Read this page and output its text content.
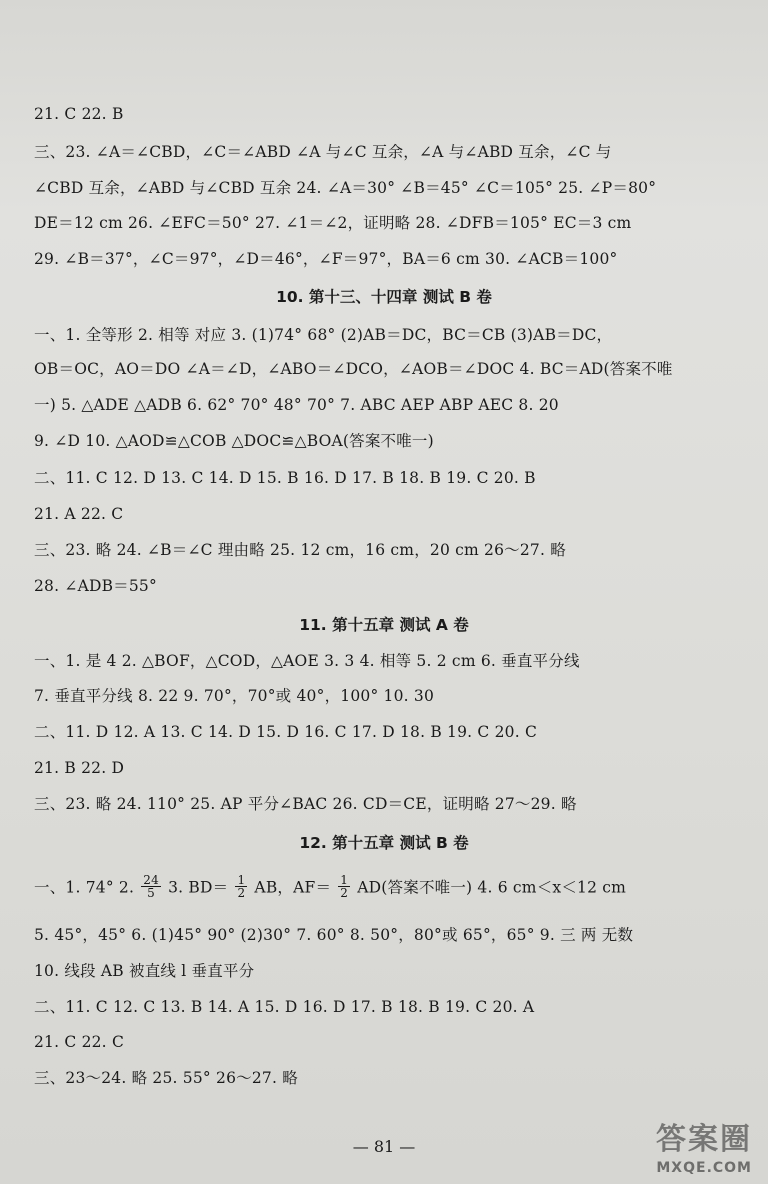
21. C 22. B
三、23. ∠A＝∠CBD，∠C＝∠ABD ∠A 与∠C 互余，∠A 与∠ABD 互余，∠C 与
∠CBD 互余，∠ABD 与∠CBD 互余 24. ∠A＝30° ∠B＝45° ∠C＝105° 25. ∠P＝80°
DE＝12 cm 26. ∠EFC＝50° 27. ∠1＝∠2，证明略 28. ∠DFB＝105° EC＝3 cm
29. ∠B＝37°，∠C＝97°，∠D＝46°，∠F＝97°，BA＝6 cm 30. ∠ACB＝100°
10. 第十三、十四章 测试 B 卷
一、1. 全等形 2. 相等 对应 3. (1)74° 68° (2)AB＝DC，BC＝CB (3)AB＝DC，
OB＝OC，AO＝DO ∠A＝∠D，∠ABO＝∠DCO，∠AOB＝∠DOC 4. BC＝AD(答案不唯
一) 5. △ADE △ADB 6. 62° 70° 48° 70° 7. ABC AEP ABP AEC 8. 20
9. ∠D 10. △AOD≌△COB △DOC≌△BOA(答案不唯一)
二、11. C 12. D 13. C 14. D 15. B 16. D 17. B 18. B 19. C 20. B
21. A 22. C
三、23. 略 24. ∠B＝∠C 理由略 25. 12 cm，16 cm，20 cm 26～27. 略
28. ∠ADB＝55°
11. 第十五章 测试 A 卷
一、1. 是 4 2. △BOF，△COD，△AOE 3. 3 4. 相等 5. 2 cm 6. 垂直平分线
7. 垂直平分线 8. 22 9. 70°，70°或 40°，100° 10. 30
二、11. D 12. A 13. C 14. D 15. D 16. C 17. D 18. B 19. C 20. C
21. B 22. D
三、23. 略 24. 110° 25. AP 平分∠BAC 26. CD＝CE，证明略 27～29. 略
12. 第十五章 测试 B 卷
一、1. 74° 2. $\frac{24}{5} 3$. $BD= \frac{1}{2}$ AB，$AF= \frac{1}{2} AD$(答案不唯一) 4. 6 cm＜x＜12 cm
5. 45°，45° 6. (1)45° 90° (2)30° 7. 60° 8. 50°，80°或 65°，65° 9. 三 两 无数
10. 线段 AB 被直线 l 垂直平分
二、11. C 12. C 13. B 14. A 15. D 16. D 17. B 18. B 19. C 20. A
21. C 22. C
三、23～24. 略 25. 55° 26～27. 略
— 81 —	答案圈
MXQE.COM
